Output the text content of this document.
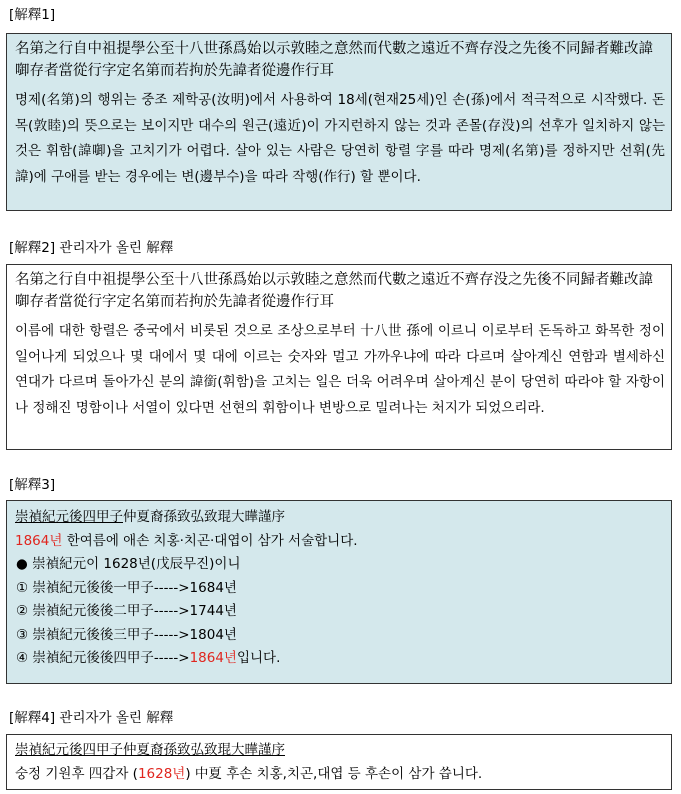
[解釋1]
名第之行自中祖提學公至十八世孫爲始以示敦睦之意然而代數之遠近不齊存没之先後不同歸者難改諱啣存者當從行字定名第而若拘於先諱者從邊作行耳
명제(名第)의 행위는 중조 제학공(汝明)에서 사용하여 18세(현재25세)인 손(孫)에서 적극적으로 시작했다. 돈목(敦睦)의 뜻으로는 보이지만 대수의 원근(遠近)이 가지런하지 않는 것과 존몰(存没)의 선후가 일치하지 않는 것은 휘함(諱啣)을 고치기가 어렵다. 살아 있는 사람은 당연히 항렬 字를 따라 명제(名第)를 정하지만 선휘(先諱)에 구애를 받는 경우에는 변(邊부수)을 따라 작행(作行) 할 뿐이다.
[解釋2] 관리자가 올린 解釋
名第之行自中祖提學公至十八世孫爲始以示敦睦之意然而代數之遠近不齊存没之先後不同歸者難改諱啣存者當從行字定名第而若拘於先諱者從邊作行耳
이름에 대한 항렬은 중국에서 비롯된 것으로 조상으로부터 十八世 孫에 이르니 이로부터 돈독하고 화목한 정이 일어나게 되었으나 몇 대에서 몇 대에 이르는 숫자와 멀고 가까우냐에 따라 다르며 살아계신 연함과 별세하신 연대가 다르며 돌아가신 분의 諱銜(휘함)을 고치는 일은 더욱 어려우며 살아계신 분이 당연히 따라야 할 자항이나 정해진 명함이나 서열이 있다면 선현의 휘함이나 변방으로 밀려나는 처지가 되었으리라.
[解釋3]
崇禎紀元後四甲子仲夏裔孫致弘致琨大曄謹序
1864년 한여름에 애손 치홍·치곤·대엽이 삼가 서술합니다.
● 崇禎紀元이 1628년(戊辰무진)이니
① 崇禎紀元後後一甲子----->1684년
② 崇禎紀元後後二甲子----->1744년
③ 崇禎紀元後後三甲子----->1804년
④ 崇禎紀元後後四甲子----->1864년입니다.
[解釋4] 관리자가 올린 解釋
崇禎紀元後四甲子仲夏裔孫致弘致琨大曄謹序
숭정 기원후 四갑자 (1628년) 中夏 후손 치홍,치곤,대엽 등 후손이 삼가 씁니다.
